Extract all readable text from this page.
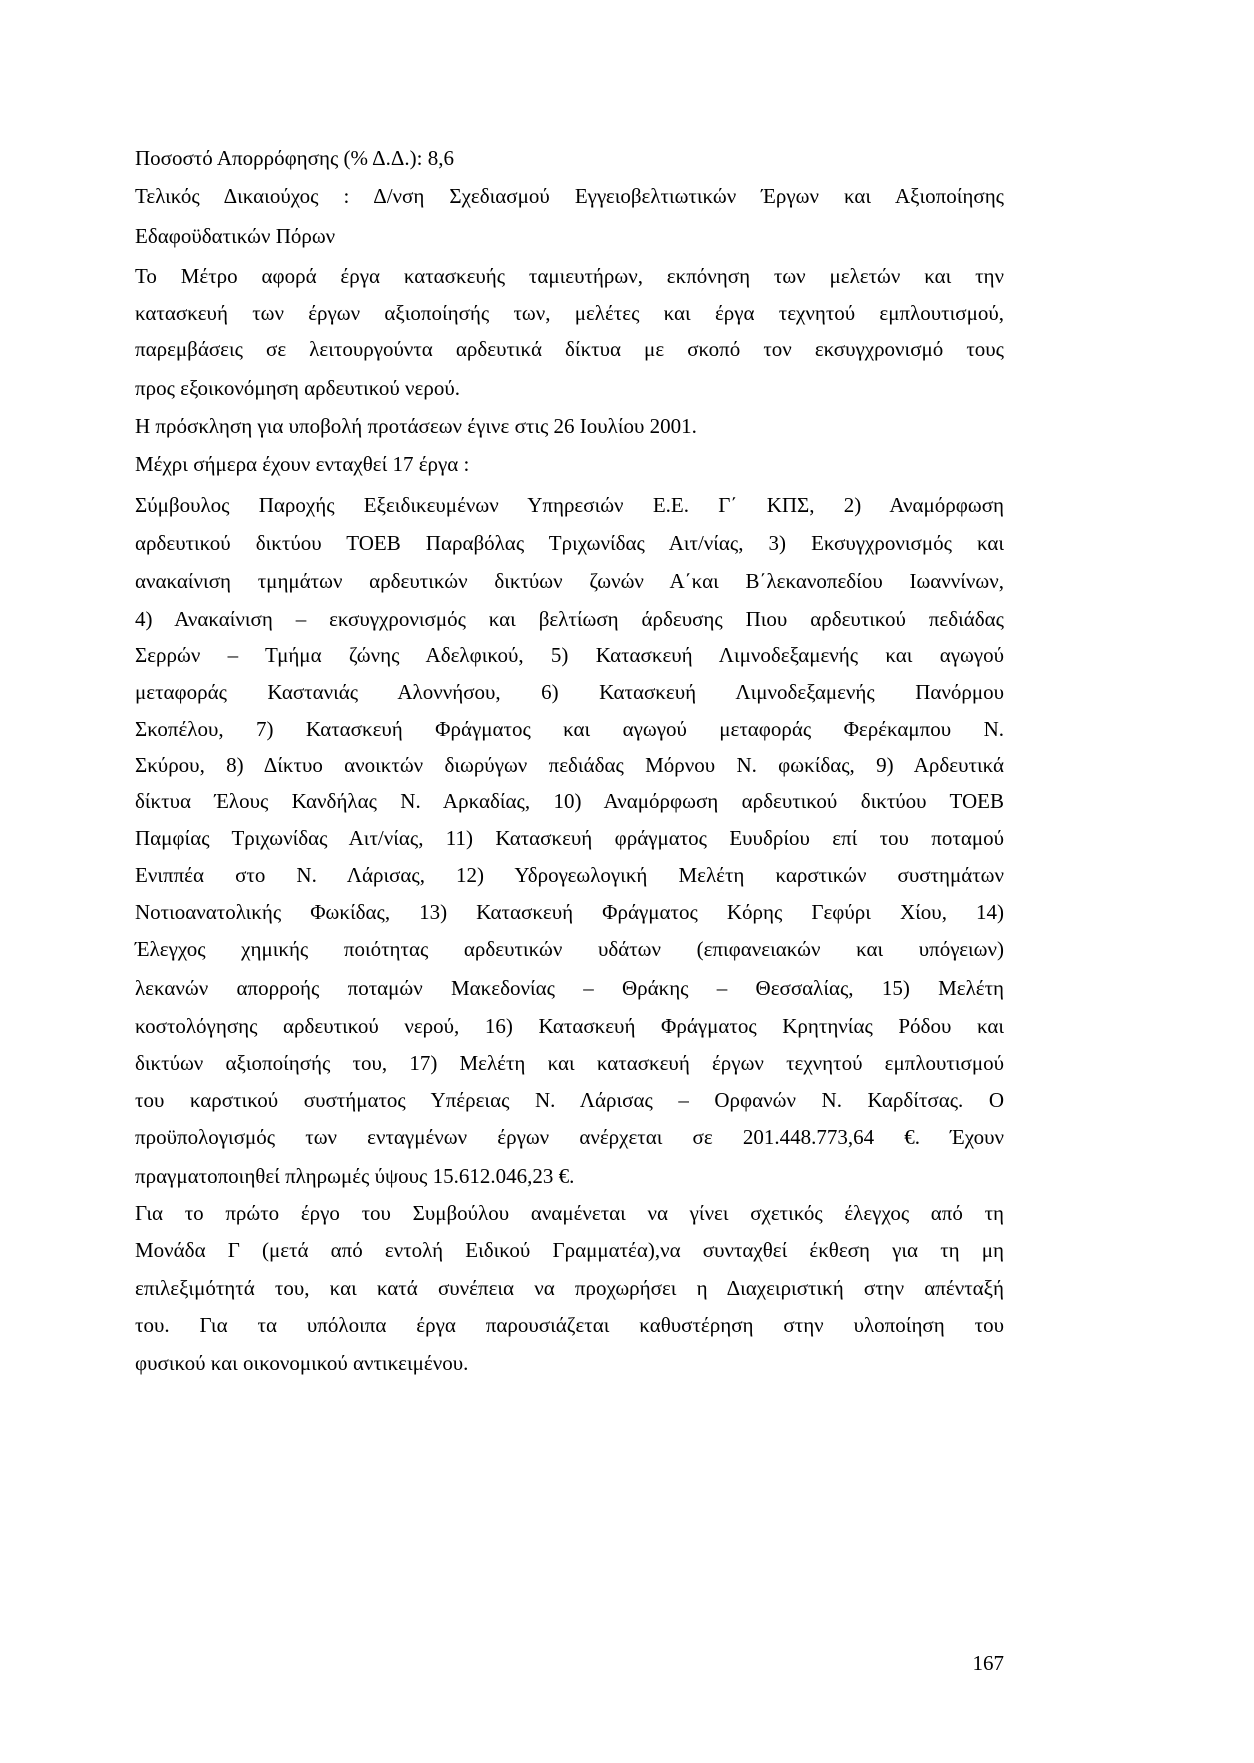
Ποσοστό Απορρόφησης (% Δ.Δ.): 8,6

Τελικός Δικαιούχος : Δ/νση Σχεδιασμού Εγγειοβελτιωτικών Έργων και Αξιοποίησης

Εδαφοϋδατικών Πόρων

Το Μέτρο αφορά έργα κατασκευής ταμιευτήρων, εκπόνηση των μελετών και την

κατασκευή των έργων αξιοποίησής των, μελέτες και έργα τεχνητού εμπλουτισμού,

παρεμβάσεις σε λειτουργούντα αρδευτικά δίκτυα με σκοπό τον εκσυγχρονισμό τους

προς εξοικονόμηση αρδευτικού νερού.

Η πρόσκληση για υποβολή προτάσεων έγινε στις 26 Ιουλίου 2001.

Μέχρι σήμερα έχουν ενταχθεί 17 έργα :

Σύμβουλος Παροχής Εξειδικευμένων Υπηρεσιών Ε.Ε. Γ΄ ΚΠΣ, 2) Αναμόρφωση

αρδευτικού δικτύου ΤΟΕΒ Παραβόλας Τριχωνίδας Αιτ/νίας, 3) Εκσυγχρονισμός και

ανακαίνιση τμημάτων αρδευτικών δικτύων ζωνών Α΄και Β΄λεκανοπεδίου Ιωαννίνων,

4) Ανακαίνιση – εκσυγχρονισμός και βελτίωση άρδευσης Πιου αρδευτικού πεδιάδας

Σερρών – Τμήμα ζώνης Αδελφικού, 5) Κατασκευή Λιμνοδεξαμενής και αγωγού

μεταφοράς Καστανιάς Αλοννήσου, 6) Κατασκευή Λιμνοδεξαμενής Πανόρμου

Σκοπέλου, 7) Κατασκευή Φράγματος και αγωγού μεταφοράς Φερέκαμπου Ν.

Σκύρου, 8) Δίκτυο ανοικτών διωρύγων πεδιάδας Μόρνου Ν. φωκίδας, 9) Αρδευτικά

δίκτυα Έλους Κανδήλας Ν. Αρκαδίας, 10) Αναμόρφωση αρδευτικού δικτύου ΤΟΕΒ

Παμφίας Τριχωνίδας Αιτ/νίας, 11) Κατασκευή φράγματος Ευυδρίου επί του ποταμού

Ενιππέα στο Ν. Λάρισας, 12) Υδρογεωλογική Μελέτη καρστικών συστημάτων

Νοτιοανατολικής Φωκίδας, 13) Κατασκευή Φράγματος Κόρης Γεφύρι Χίου, 14)

Έλεγχος χημικής ποιότητας αρδευτικών υδάτων (επιφανειακών και υπόγειων)

λεκανών απορροής ποταμών Μακεδονίας – Θράκης – Θεσσαλίας, 15) Μελέτη

κοστολόγησης αρδευτικού νερού, 16) Κατασκευή Φράγματος Κρητηνίας Ρόδου και

δικτύων αξιοποίησής του, 17) Μελέτη και κατασκευή έργων τεχνητού εμπλουτισμού

του καρστικού συστήματος Υπέρειας Ν. Λάρισας – Ορφανών Ν. Καρδίτσας. Ο

προϋπολογισμός των ενταγμένων έργων ανέρχεται σε 201.448.773,64 €. Έχουν

πραγματοποιηθεί πληρωμές ύψους 15.612.046,23 €.

Για το πρώτο έργο του Συμβούλου αναμένεται να γίνει σχετικός έλεγχος από τη

Μονάδα Γ (μετά από εντολή Ειδικού Γραμματέα),να συνταχθεί έκθεση για τη μη

επιλεξιμότητά του, και κατά συνέπεια να προχωρήσει η Διαχειριστική στην απένταξή

του. Για τα υπόλοιπα έργα παρουσιάζεται καθυστέρηση στην υλοποίηση του

φυσικού και οικονομικού αντικειμένου.

167
